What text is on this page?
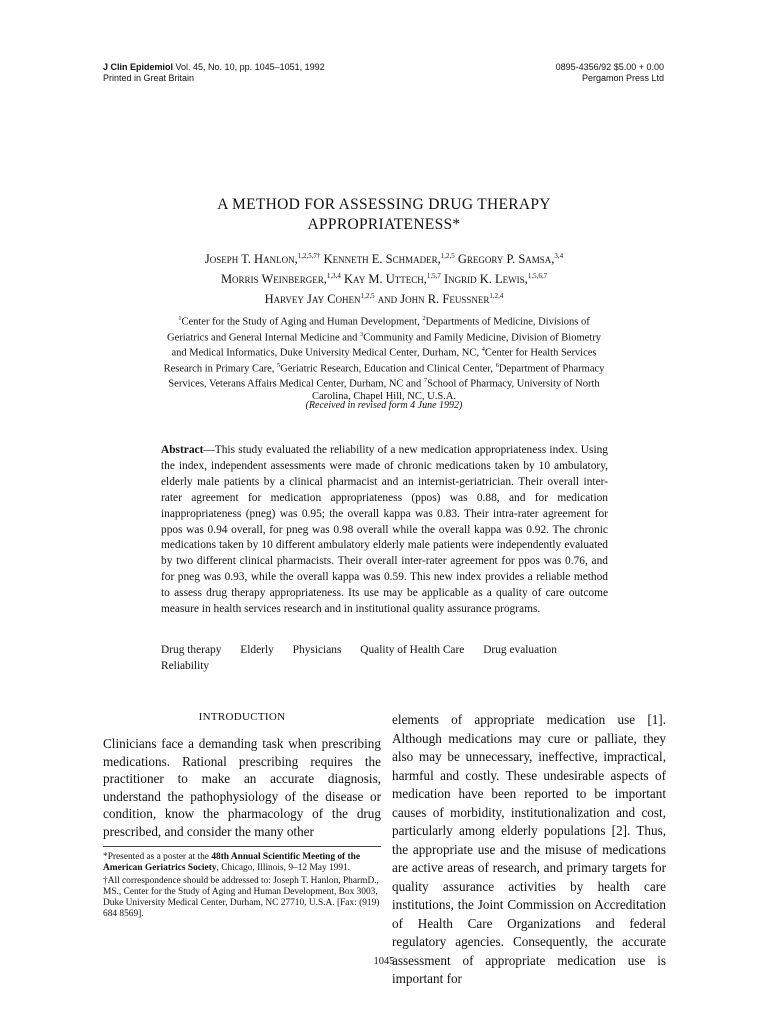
J Clin Epidemiol Vol. 45, No. 10, pp. 1045–1051, 1992
Printed in Great Britain
0895-4356/92 $5.00 + 0.00
Pergamon Press Ltd
A METHOD FOR ASSESSING DRUG THERAPY
APPROPRIATENESS*
Joseph T. Hanlon,$^{1,2,5,7\dagger}$ Kenneth E. Schmader,$^{1,2,5}$ Gregory P. Samsa,$^{3,4}$
Morris Weinberger,$^{1,3,4}$ Kay M. Uttech,$^{1,5,7}$ Ingrid K. Lewis,$^{1,5,6,7}$
Harvey Jay Cohen$^{1,2,5}$ and John R. Feussner$^{1,2,4}$
$^1$Center for the Study of Aging and Human Development, $^2$Departments of Medicine, Divisions of Geriatrics and General Internal Medicine and $^3$Community and Family Medicine, Division of Biometry and Medical Informatics, Duke University Medical Center, Durham, NC, $^4$Center for Health Services Research in Primary Care, $^5$Geriatric Research, Education and Clinical Center, $^6$Department of Pharmacy Services, Veterans Affairs Medical Center, Durham, NC and $^7$School of Pharmacy, University of North Carolina, Chapel Hill, NC, U.S.A.
(Received in revised form 4 June 1992)
Abstract—This study evaluated the reliability of a new medication appropriateness index. Using the index, independent assessments were made of chronic medications taken by 10 ambulatory, elderly male patients by a clinical pharmacist and an internist-geriatrician. Their overall inter-rater agreement for medication appropriateness (ppos) was 0.88, and for medication inappropriateness (pneg) was 0.95; the overall kappa was 0.83. Their intra-rater agreement for ppos was 0.94 overall, for pneg was 0.98 overall while the overall kappa was 0.92. The chronic medications taken by 10 different ambulatory elderly male patients were independently evaluated by two different clinical pharmacists. Their overall inter-rater agreement for ppos was 0.76, and for pneg was 0.93, while the overall kappa was 0.59. This new index provides a reliable method to assess drug therapy appropriateness. Its use may be applicable as a quality of care outcome measure in health services research and in institutional quality assurance programs.
Drug therapy Elderly Physicians Quality of Health Care Drug evaluation
Reliability
INTRODUCTION
Clinicians face a demanding task when prescribing medications. Rational prescribing requires the practitioner to make an accurate diagnosis, understand the pathophysiology of the disease or condition, know the pharmacology of the drug prescribed, and consider the many other
elements of appropriate medication use [1]. Although medications may cure or palliate, they also may be unnecessary, ineffective, impractical, harmful and costly. These undesirable aspects of medication have been reported to be important causes of morbidity, institutionalization and cost, particularly among elderly populations [2]. Thus, the appropriate use and the misuse of medications are active areas of research, and primary targets for quality assurance activities by health care institutions, the Joint Commission on Accreditation of Health Care Organizations and federal regulatory agencies. Consequently, the accurate assessment of appropriate medication use is important for
*Presented as a poster at the 48th Annual Scientific Meeting of the American Geriatrics Society, Chicago, Illinois, 9–12 May 1991.
†All correspondence should be addressed to: Joseph T. Hanlon, PharmD., MS., Center for the Study of Aging and Human Development, Box 3003, Duke University Medical Center, Durham, NC 27710, U.S.A. [Fax: (919) 684 8569].
1045
